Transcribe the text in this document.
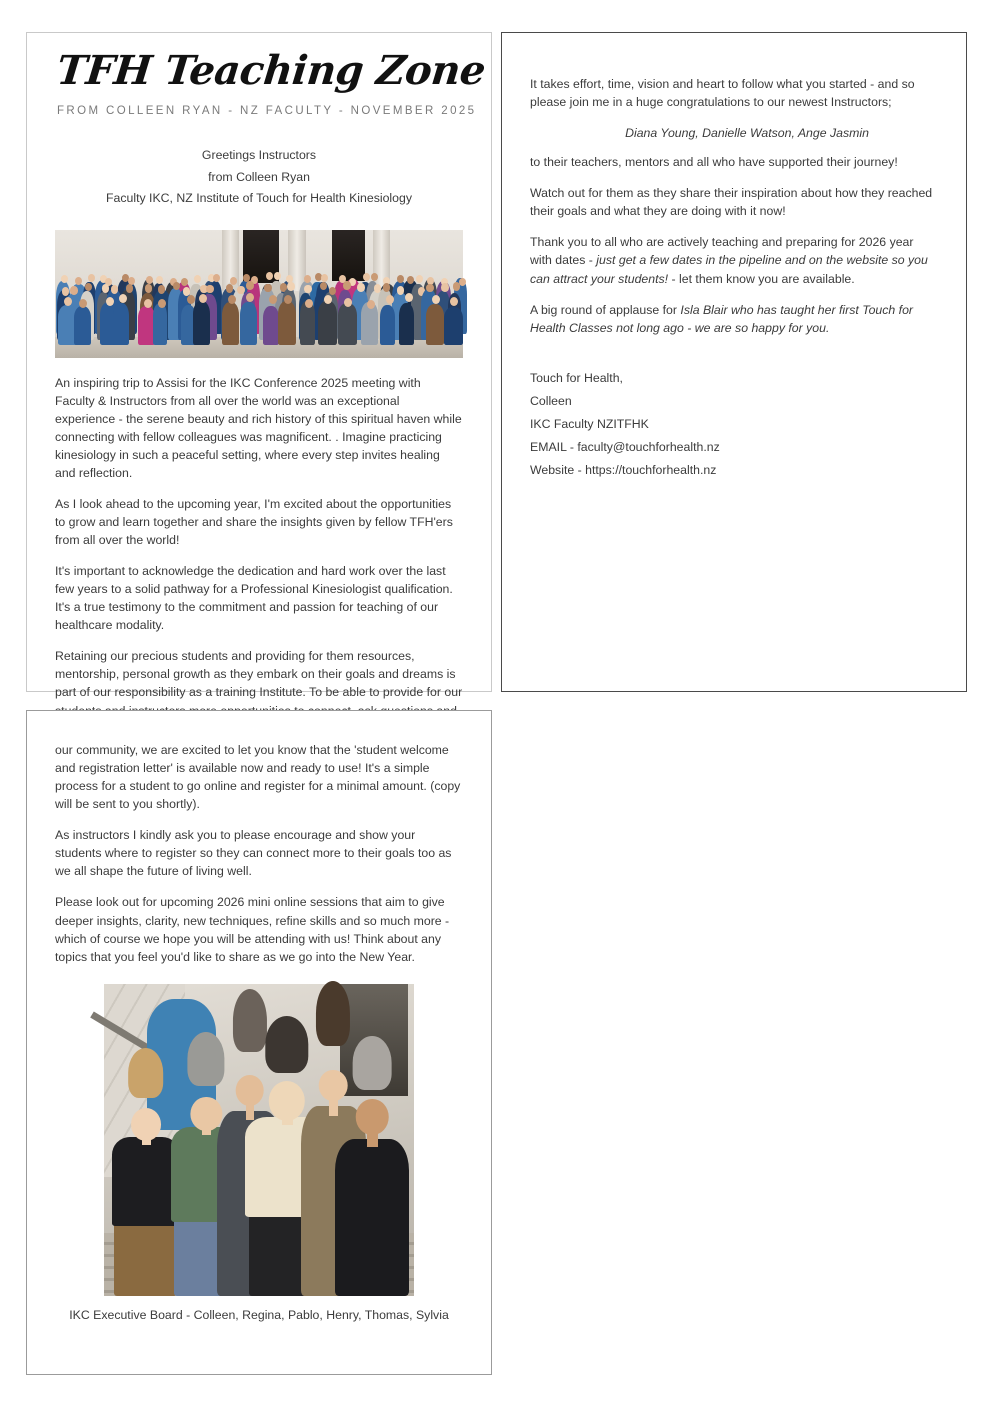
TFH Teaching Zone
FROM COLLEEN RYAN - NZ FACULTY - NOVEMBER 2025
Greetings Instructors
from Colleen Ryan
Faculty IKC, NZ Institute of Touch for Health Kinesiology

An inspiring trip to Assisi for the IKC Conference 2025 meeting with Faculty & Instructors from all over the world was an exceptional experience - the serene beauty and rich history of this spiritual haven while connecting with fellow colleagues was magnificent. . Imagine practicing kinesiology in such a peaceful setting, where every step invites healing and reflection.

As I look ahead to the upcoming year, I'm excited about the opportunities to grow and learn together and share the insights given by fellow TFH'ers from all over the world!

It's important to acknowledge the dedication and hard work over the last few years to a solid pathway for a Professional Kinesiologist qualification. It's a true testimony to the commitment and passion for teaching of our healthcare modality.

Retaining our precious students and providing for them resources, mentorship, personal growth as they embark on their goals and dreams is part of our responsibility as a training Institute. To be able to provide for our

It takes effort, time, vision and heart to follow what you started - and so please join me in a huge congratulations to our newest Instructors;

Diana Young, Danielle Watson, Ange Jasmin

to their teachers, mentors and all who have supported their journey!

Watch out for them as they share their inspiration about how they reached their goals and what they are doing with it now!

Thank you to all who are actively teaching and preparing for 2026 year with dates - just get a few dates in the pipeline and on the website so you can attract your students! - let them know you are available.

A big round of applause for Isla Blair who has taught her first Touch for Health Classes not long ago - we are so happy for you.

Touch for Health,
Colleen
IKC Faculty NZITFHK
EMAIL - faculty@touchforhealth.nz
Website - https://touchforhealth.nz

our community, we are excited to let you know that the 'student welcome and registration letter' is available now and ready to use! It's a simple process for a student to go online and register for a minimal amount. (copy will be sent to you shortly).

As instructors I kindly ask you to please encourage and show your students where to register so they can connect more to their goals too as we all shape the future of living well.

Please look out for upcoming 2026 mini online sessions that aim to give deeper insights, clarity, new techniques, refine skills and so much more - which of course we hope you will be attending with us! Think about any topics that you feel you'd like to share as we go into the New Year.

IKC Executive Board - Colleen, Regina, Pablo, Henry, Thomas, Sylvia
